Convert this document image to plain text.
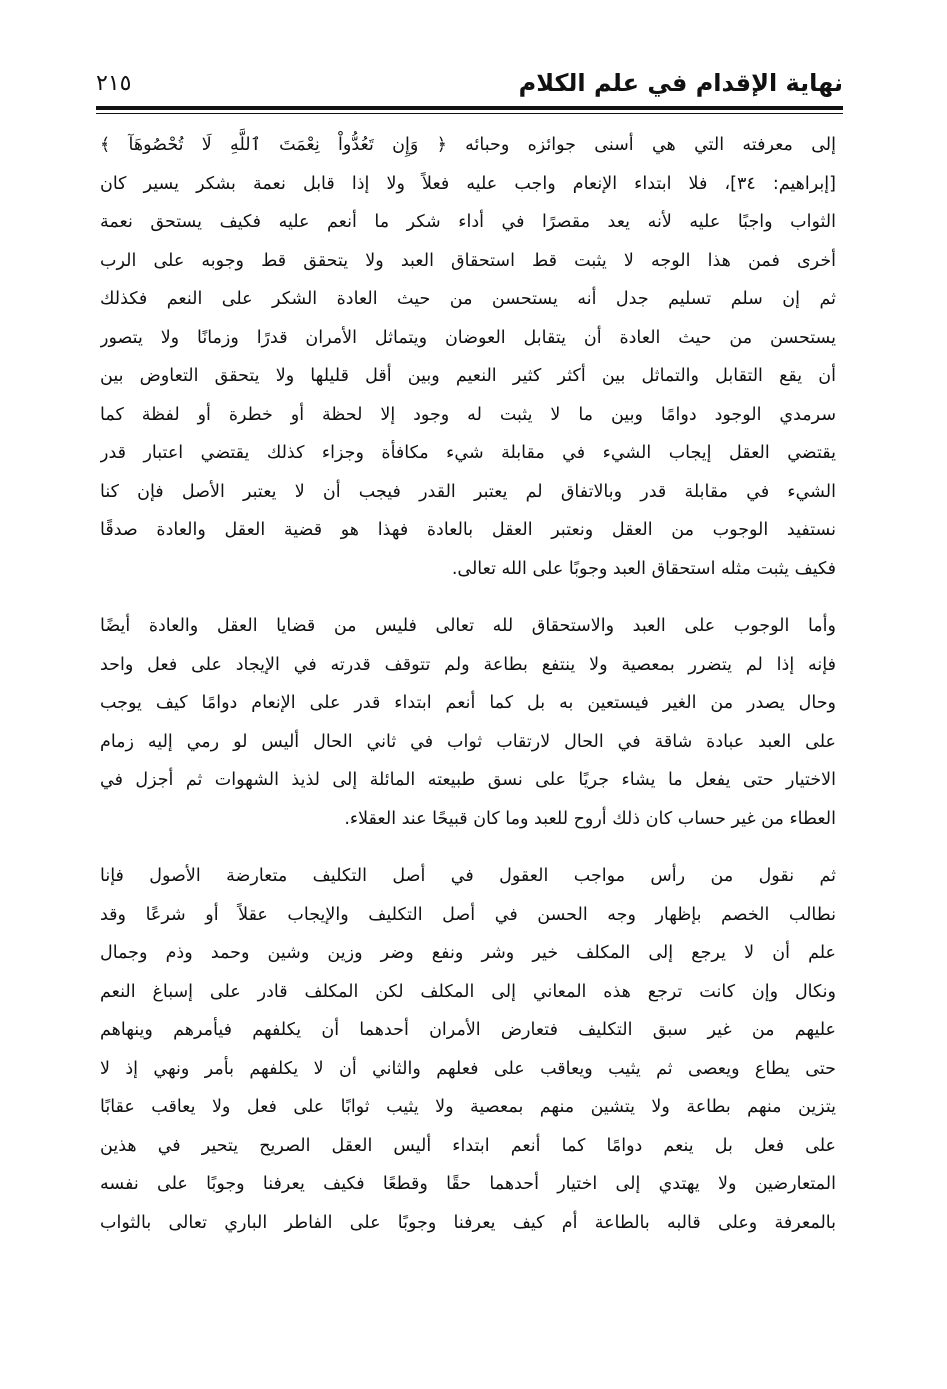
نهاية الإقدام في علم الكلام
٢١٥
إلى معرفته التي هي أسنى جوائزه وحبائه ﴿ وَإِن تَعُدُّواْ نِعْمَتَ ٱللَّهِ لَا تُحْصُوهَآ ﴾
[إبراهيم: ٣٤]، فلا ابتداء الإنعام واجب عليه فعلاً ولا إذا قابل نعمة بشكر يسير كان
الثواب واجبًا عليه لأنه يعد مقصرًا في أداء شكر ما أنعم عليه فكيف يستحق نعمة
أخرى فمن هذا الوجه لا يثبت قط استحقاق العبد ولا يتحقق قط وجوبه على الرب
ثم إن سلم تسليم جدل أنه يستحسن من حيث العادة الشكر على النعم فكذلك
يستحسن من حيث العادة أن يتقابل العوضان ويتماثل الأمران قدرًا وزمانًا ولا يتصور
أن يقع التقابل والتماثل بين أكثر كثير النعيم وبين أقل قليلها ولا يتحقق التعاوض بين
سرمدي الوجود دوامًا وبين ما لا يثبت له وجود إلا لحظة أو خطرة أو لفظة كما
يقتضي العقل إيجاب الشيء في مقابلة شيء مكافأة وجزاء كذلك يقتضي اعتبار قدر
الشيء في مقابلة قدر وبالاتفاق لم يعتبر القدر فيجب أن لا يعتبر الأصل فإن كنا
نستفيد الوجوب من العقل ونعتبر العقل بالعادة فهذا هو قضية العقل والعادة صدقًا
فكيف يثبت مثله استحقاق العبد وجوبًا على الله تعالى.
وأما الوجوب على العبد والاستحقاق لله تعالى فليس من قضايا العقل والعادة أيضًا
فإنه إذا لم يتضرر بمعصية ولا ينتفع بطاعة ولم تتوقف قدرته في الإيجاد على فعل واحد
وحال يصدر من الغير فيستعين به بل كما أنعم ابتداء قدر على الإنعام دوامًا كيف يوجب
على العبد عبادة شاقة في الحال لارتقاب ثواب في ثاني الحال أليس لو رمي إليه زمام
الاختيار حتى يفعل ما يشاء جريًا على نسق طبيعته المائلة إلى لذيذ الشهوات ثم أجزل في
العطاء من غير حساب كان ذلك أروح للعبد وما كان قبيحًا عند العقلاء.
ثم نقول من رأس مواجب العقول في أصل التكليف متعارضة الأصول فإنا
نطالب الخصم بإظهار وجه الحسن في أصل التكليف والإيجاب عقلاً أو شرعًا وقد
علم أن لا يرجع إلى المكلف خير وشر ونفع وضر وزين وشين وحمد وذم وجمال
ونكال وإن كانت ترجع هذه المعاني إلى المكلف لكن المكلف قادر على إسباغ النعم
عليهم من غير سبق التكليف فتعارض الأمران أحدهما أن يكلفهم فيأمرهم وينهاهم
حتى يطاع ويعصى ثم يثيب ويعاقب على فعلهم والثاني أن لا يكلفهم بأمر ونهي إذ لا
يتزين منهم بطاعة ولا يتشين منهم بمعصية ولا يثيب ثوابًا على فعل ولا يعاقب عقابًا
على فعل بل ينعم دوامًا كما أنعم ابتداء أليس العقل الصريح يتحير في هذين
المتعارضين ولا يهتدي إلى اختيار أحدهما حقًا وقطعًا فكيف يعرفنا وجوبًا على نفسه
بالمعرفة وعلى قالبه بالطاعة أم كيف يعرفنا وجوبًا على الفاطر الباري تعالى بالثواب
